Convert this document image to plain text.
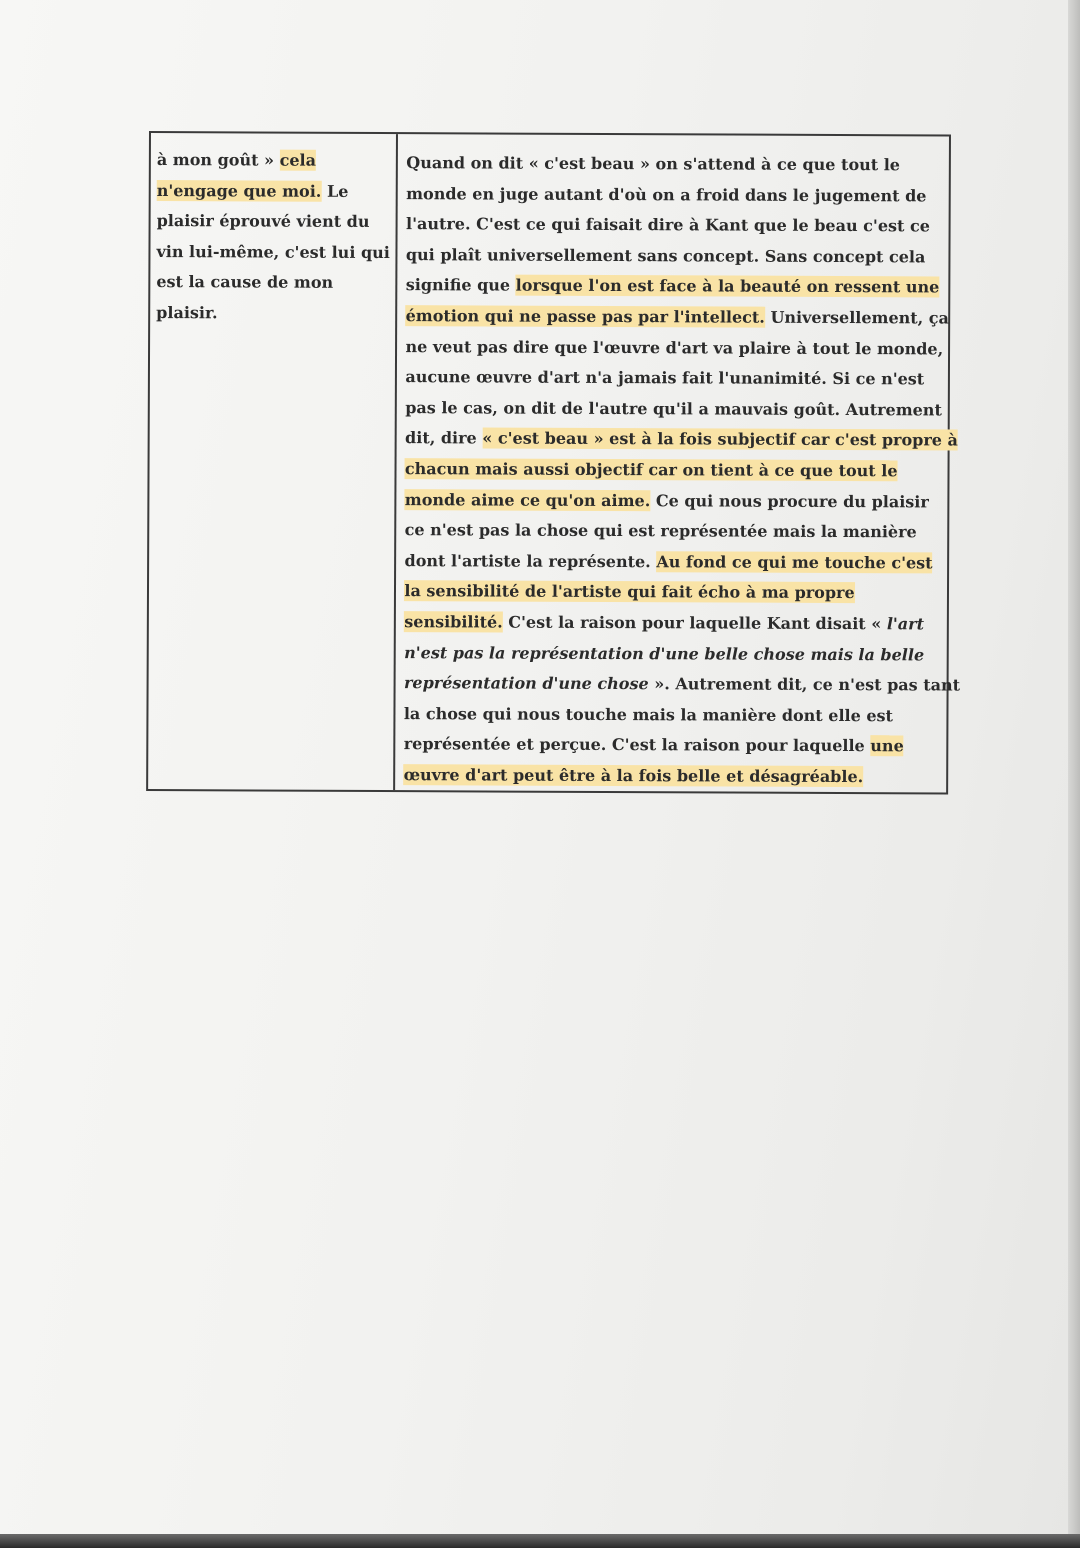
à mon goût » cela
n'engage que moi. Le
plaisir éprouvé vient du
vin lui-même, c'est lui qui
est la cause de mon
plaisir.
Quand on dit « c'est beau » on s'attend à ce que tout le
monde en juge autant d'où on a froid dans le jugement de
l'autre. C'est ce qui faisait dire à Kant que le beau c'est ce
qui plaît universellement sans concept. Sans concept cela
signifie que lorsque l'on est face à la beauté on ressent une
émotion qui ne passe pas par l'intellect. Universellement, ça
ne veut pas dire que l'œuvre d'art va plaire à tout le monde,
aucune œuvre d'art n'a jamais fait l'unanimité. Si ce n'est
pas le cas, on dit de l'autre qu'il a mauvais goût. Autrement
dit, dire « c'est beau » est à la fois subjectif car c'est propre à
chacun mais aussi objectif car on tient à ce que tout le
monde aime ce qu'on aime. Ce qui nous procure du plaisir
ce n'est pas la chose qui est représentée mais la manière
dont l'artiste la représente. Au fond ce qui me touche c'est
la sensibilité de l'artiste qui fait écho à ma propre
sensibilité. C'est la raison pour laquelle Kant disait « l'art
n'est pas la représentation d'une belle chose mais la belle
représentation d'une chose ». Autrement dit, ce n'est pas tant
la chose qui nous touche mais la manière dont elle est
représentée et perçue. C'est la raison pour laquelle une
œuvre d'art peut être à la fois belle et désagréable.
